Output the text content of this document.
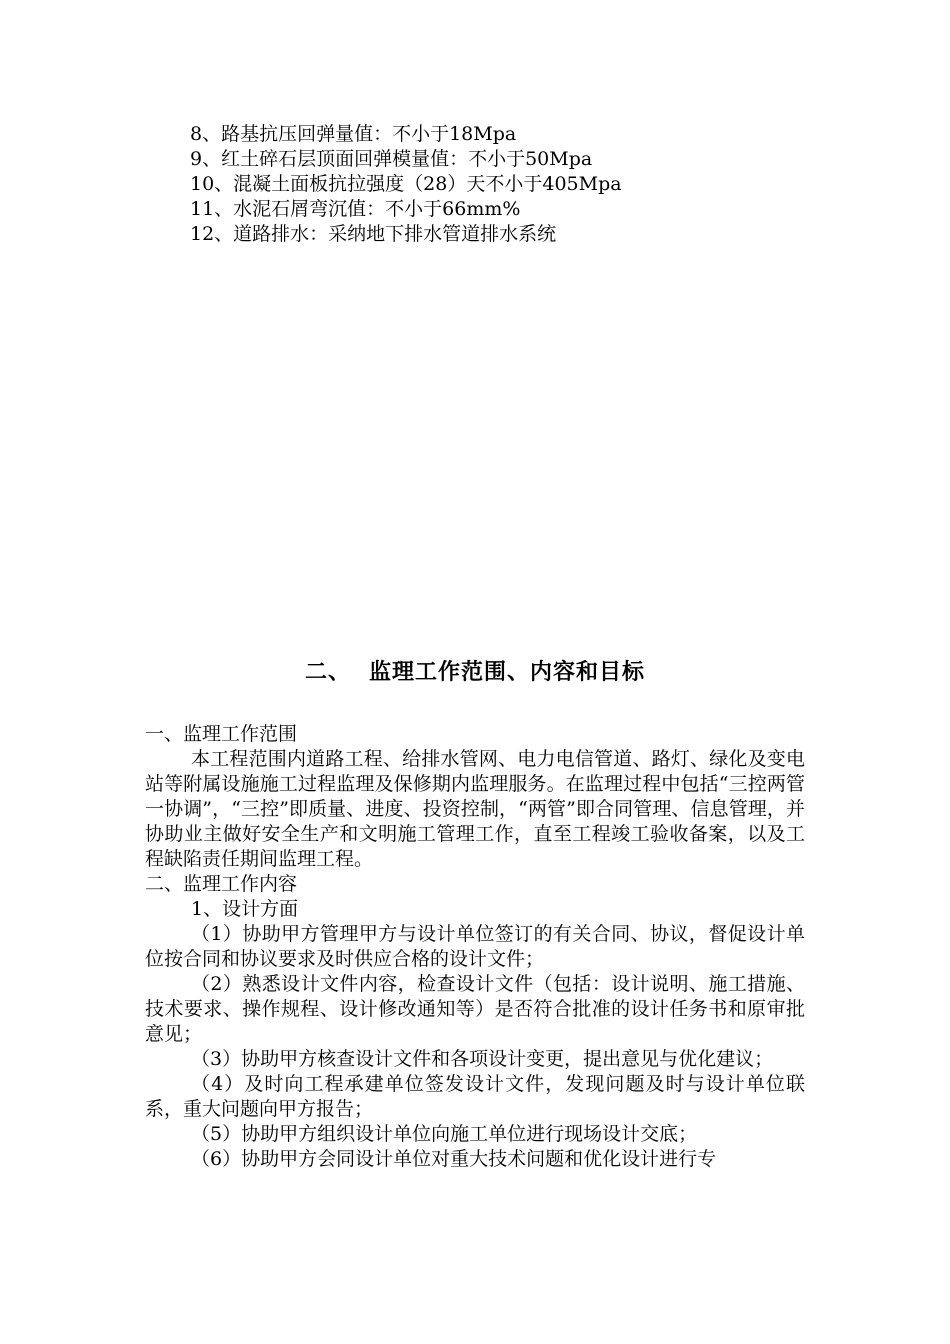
8、路基抗压回弹量值：不小于18Mpa
9、红土碎石层顶面回弹模量值：不小于50Mpa
10、混凝土面板抗拉强度（28）天不小于405Mpa
11、水泥石屑弯沉值：不小于66mm%
12、道路排水：采纳地下排水管道排水系统
二、 监理工作范围、内容和目标

一、监理工作范围

本工程范围内道路工程、给排水管网、电力电信管道、路灯、绿化及变电站等附属设施施工过程监理及保修期内监理服务。在监理过程中包括“三控两管一协调”，“三控”即质量、进度、投资控制，“两管”即合同管理、信息管理，并协助业主做好安全生产和文明施工管理工作，直至工程竣工验收备案，以及工程缺陷责任期间监理工程。

二、监理工作内容

1、设计方面

（1）协助甲方管理甲方与设计单位签订的有关合同、协议，督促设计单位按合同和协议要求及时供应合格的设计文件；

（2）熟悉设计文件内容，检查设计文件（包括：设计说明、施工措施、技术要求、操作规程、设计修改通知等）是否符合批准的设计任务书和原审批意见；

（3）协助甲方核查设计文件和各项设计变更，提出意见与优化建议；

（4）及时向工程承建单位签发设计文件，发现问题及时与设计单位联系，重大问题向甲方报告；

（5）协助甲方组织设计单位向施工单位进行现场设计交底；

（6）协助甲方会同设计单位对重大技术问题和优化设计进行专
